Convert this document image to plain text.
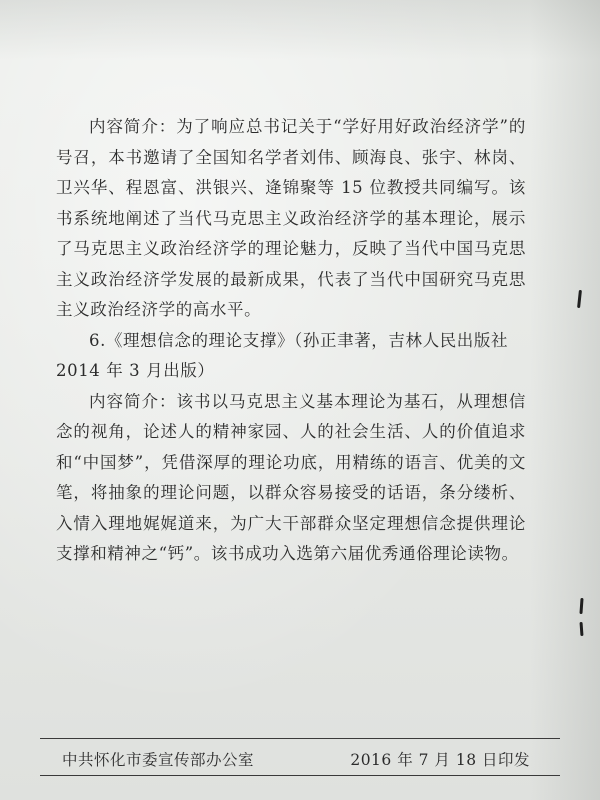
内容简介：为了响应总书记关于“学好用好政治经济学”的号召，本书邀请了全国知名学者刘伟、顾海良、张宇、林岗、卫兴华、程恩富、洪银兴、逄锦聚等 15 位教授共同编写。该书系统地阐述了当代马克思主义政治经济学的基本理论，展示了马克思主义政治经济学的理论魅力，反映了当代中国马克思主义政治经济学发展的最新成果，代表了当代中国研究马克思主义政治经济学的高水平。

6.《理想信念的理论支撑》（孙正聿著，吉林人民出版社 2014 年 3 月出版）

内容简介：该书以马克思主义基本理论为基石，从理想信念的视角，论述人的精神家园、人的社会生活、人的价值追求和“中国梦”，凭借深厚的理论功底，用精练的语言、优美的文笔，将抽象的理论问题，以群众容易接受的话语，条分缕析、入情入理地娓娓道来，为广大干部群众坚定理想信念提供理论支撑和精神之“钙”。该书成功入选第六届优秀通俗理论读物。

中共怀化市委宣传部办公室	2016 年 7 月 18 日印发
